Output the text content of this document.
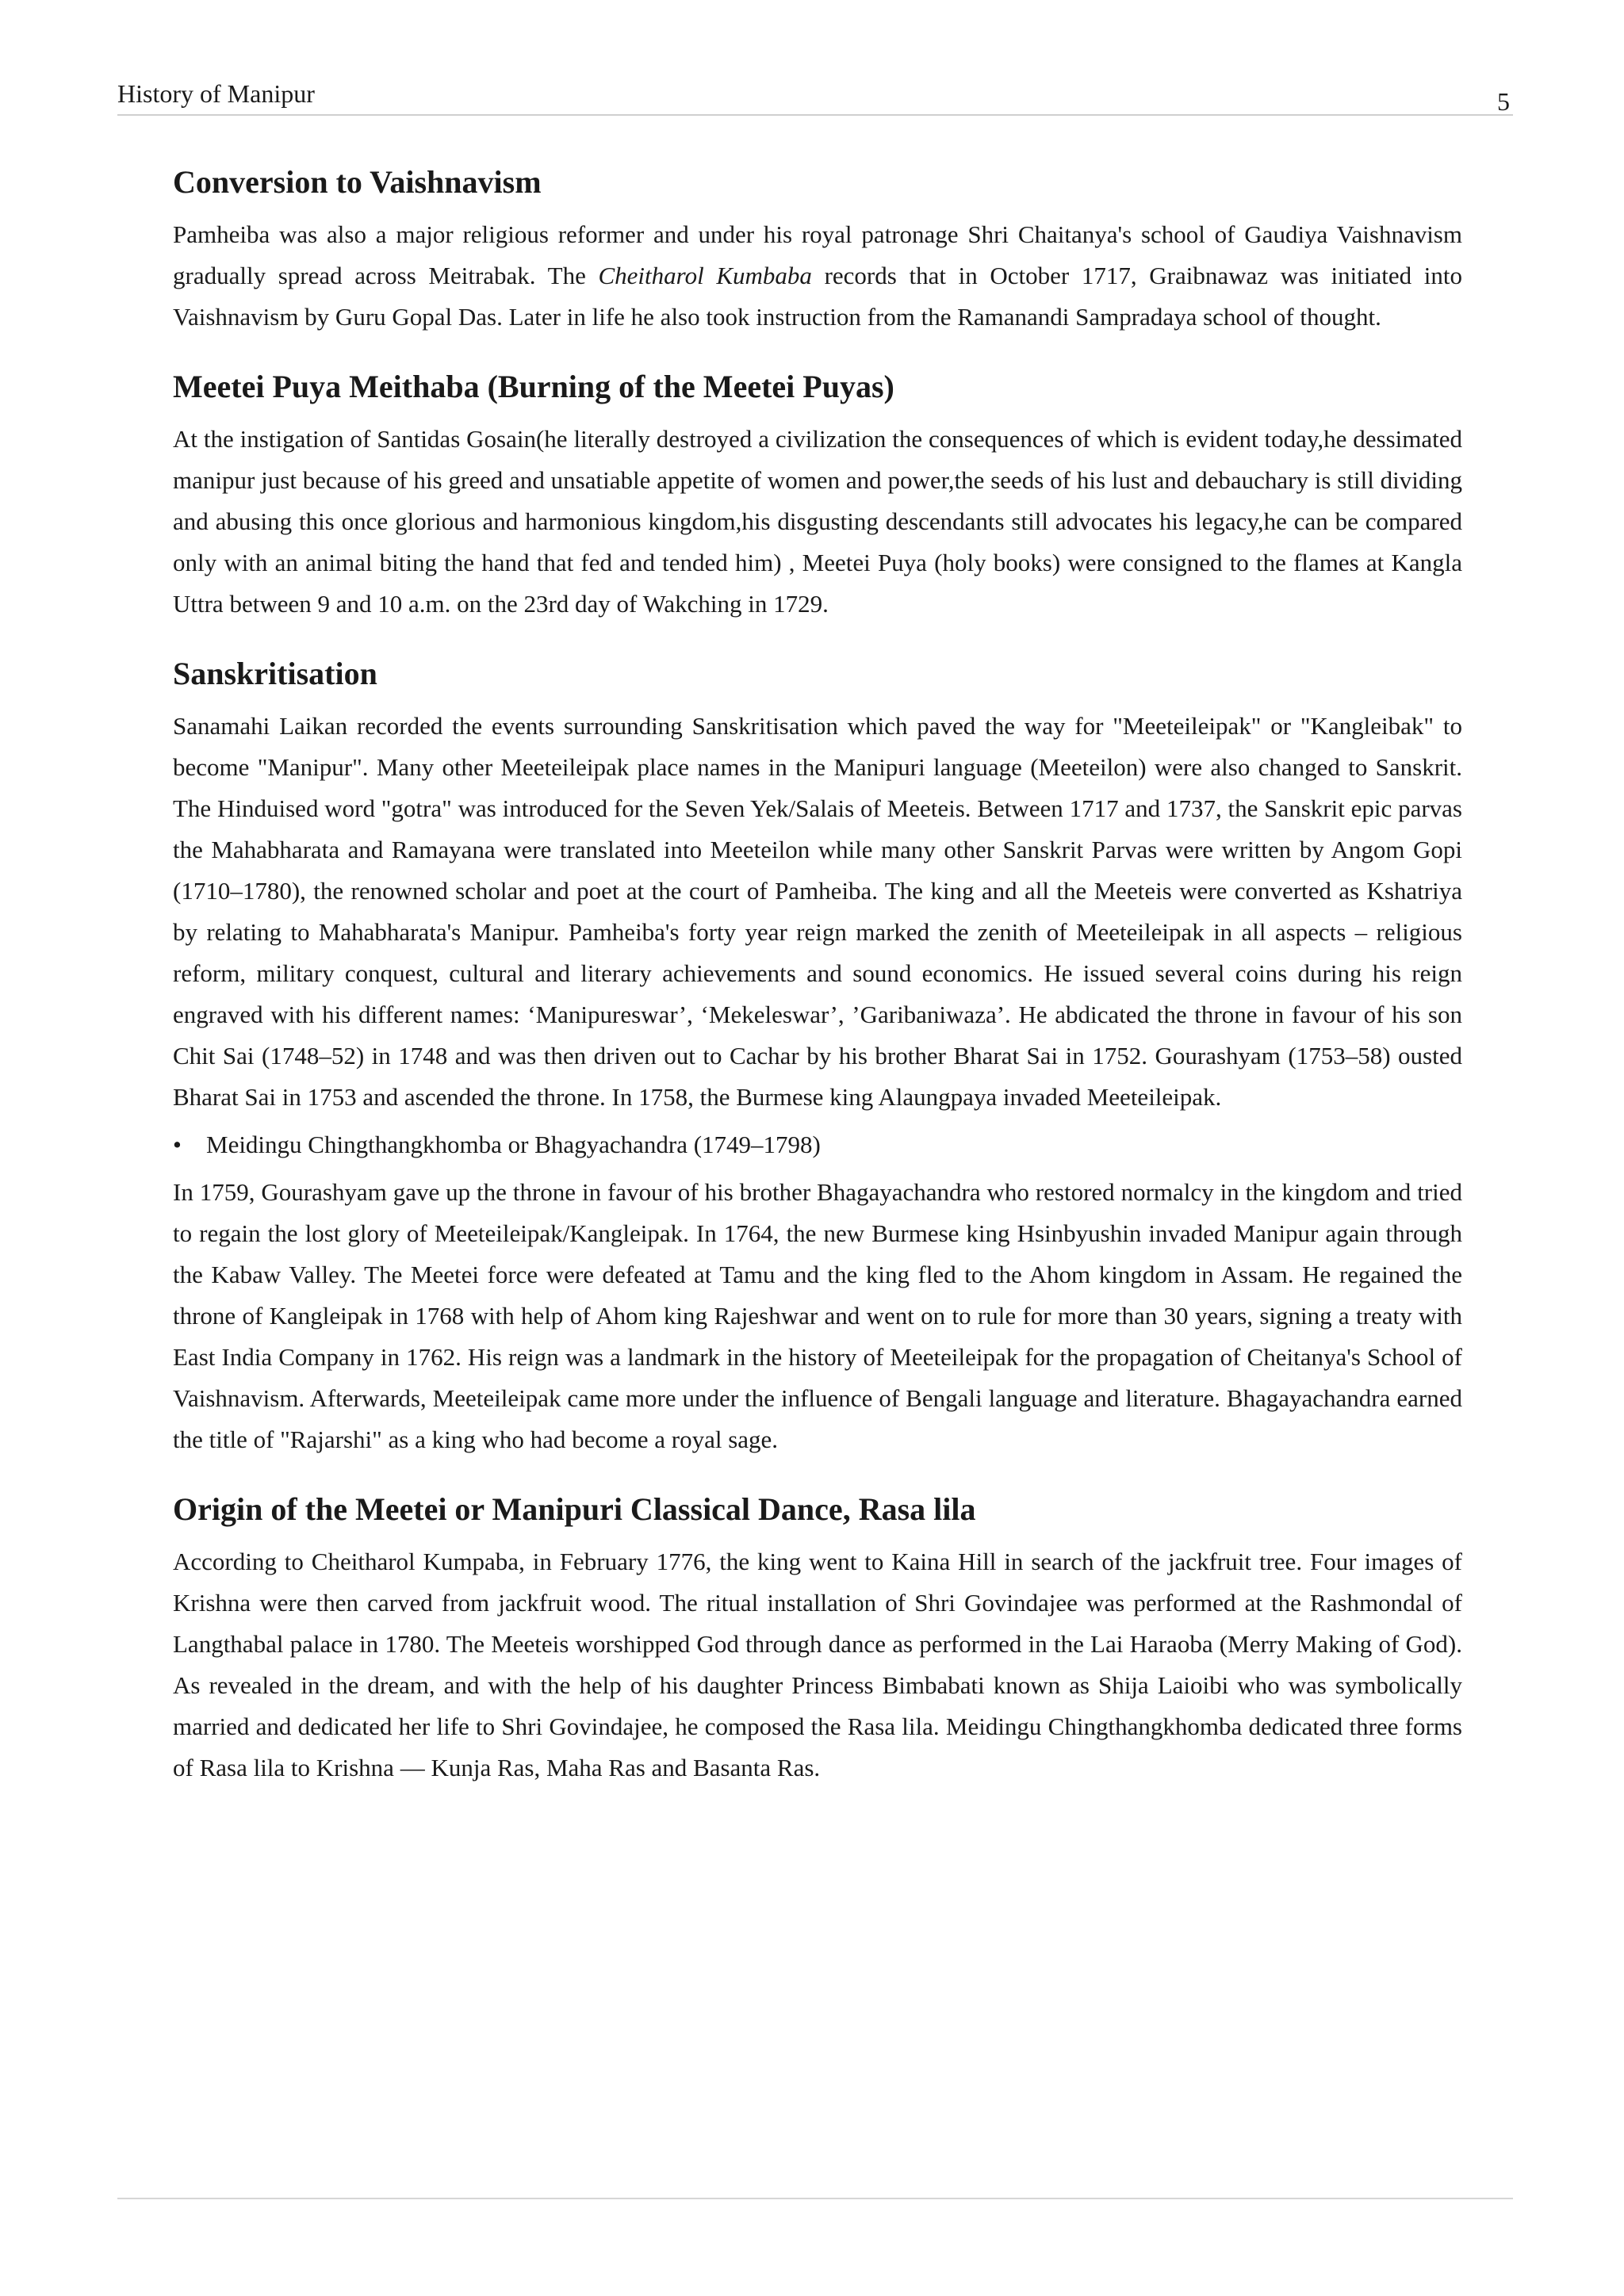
History of Manipur	5
Conversion to Vaishnavism

Pamheiba was also a major religious reformer and under his royal patronage Shri Chaitanya's school of Gaudiya Vaishnavism gradually spread across Meitrabak. The Cheitharol Kumbaba records that in October 1717, Graibnawaz was initiated into Vaishnavism by Guru Gopal Das. Later in life he also took instruction from the Ramanandi Sampradaya school of thought.

Meetei Puya Meithaba (Burning of the Meetei Puyas)

At the instigation of Santidas Gosain(he literally destroyed a civilization the consequences of which is evident today,he dessimated manipur just because of his greed and unsatiable appetite of women and power,the seeds of his lust and debauchary is still dividing and abusing this once glorious and harmonious kingdom,his disgusting descendants still advocates his legacy,he can be compared only with an animal biting the hand that fed and tended him) , Meetei Puya (holy books) were consigned to the flames at Kangla Uttra between 9 and 10 a.m. on the 23rd day of Wakching in 1729.

Sanskritisation

Sanamahi Laikan recorded the events surrounding Sanskritisation which paved the way for "Meeteileipak" or "Kangleibak" to become "Manipur". Many other Meeteileipak place names in the Manipuri language (Meeteilon) were also changed to Sanskrit. The Hinduised word "gotra" was introduced for the Seven Yek/Salais of Meeteis. Between 1717 and 1737, the Sanskrit epic parvas the Mahabharata and Ramayana were translated into Meeteilon while many other Sanskrit Parvas were written by Angom Gopi (1710–1780), the renowned scholar and poet at the court of Pamheiba. The king and all the Meeteis were converted as Kshatriya by relating to Mahabharata's Manipur. Pamheiba's forty year reign marked the zenith of Meeteileipak in all aspects – religious reform, military conquest, cultural and literary achievements and sound economics. He issued several coins during his reign engraved with his different names: ‘Manipureswar’, ‘Mekeleswar’, ’Garibaniwaza’. He abdicated the throne in favour of his son Chit Sai (1748–52) in 1748 and was then driven out to Cachar by his brother Bharat Sai in 1752. Gourashyam (1753–58) ousted Bharat Sai in 1753 and ascended the throne. In 1758, the Burmese king Alaungpaya invaded Meeteileipak.

• Meidingu Chingthangkhomba or Bhagyachandra (1749–1798)

In 1759, Gourashyam gave up the throne in favour of his brother Bhagayachandra who restored normalcy in the kingdom and tried to regain the lost glory of Meeteileipak/Kangleipak. In 1764, the new Burmese king Hsinbyushin invaded Manipur again through the Kabaw Valley. The Meetei force were defeated at Tamu and the king fled to the Ahom kingdom in Assam. He regained the throne of Kangleipak in 1768 with help of Ahom king Rajeshwar and went on to rule for more than 30 years, signing a treaty with East India Company in 1762. His reign was a landmark in the history of Meeteileipak for the propagation of Cheitanya's School of Vaishnavism. Afterwards, Meeteileipak came more under the influence of Bengali language and literature. Bhagayachandra earned the title of "Rajarshi" as a king who had become a royal sage.

Origin of the Meetei or Manipuri Classical Dance, Rasa lila

According to Cheitharol Kumpaba, in February 1776, the king went to Kaina Hill in search of the jackfruit tree. Four images of Krishna were then carved from jackfruit wood. The ritual installation of Shri Govindajee was performed at the Rashmondal of Langthabal palace in 1780. The Meeteis worshipped God through dance as performed in the Lai Haraoba (Merry Making of God). As revealed in the dream, and with the help of his daughter Princess Bimbabati known as Shija Laioibi who was symbolically married and dedicated her life to Shri Govindajee, he composed the Rasa lila. Meidingu Chingthangkhomba dedicated three forms of Rasa lila to Krishna — Kunja Ras, Maha Ras and Basanta Ras.
